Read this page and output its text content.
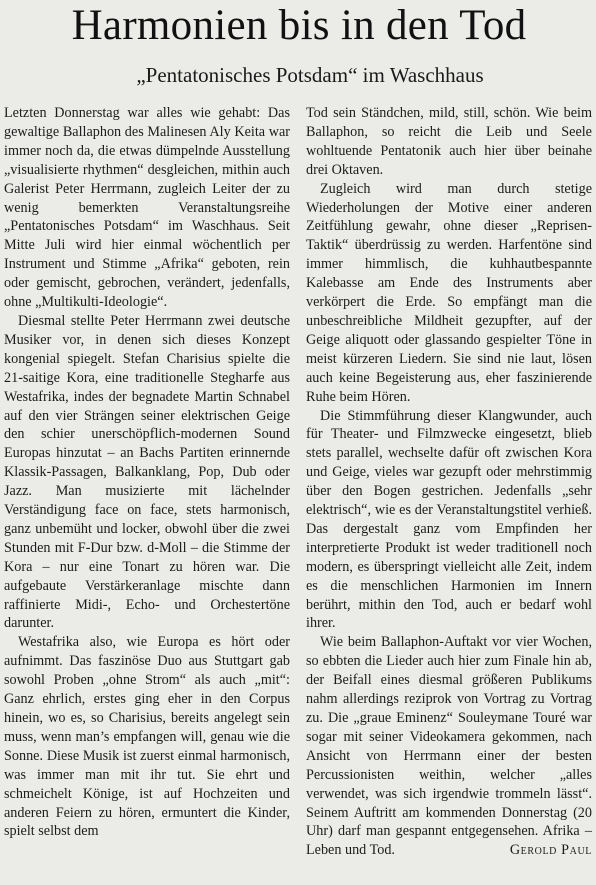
Harmonien bis in den Tod
„Pentatonisches Potsdam“ im Waschhaus

Letzten Donnerstag war alles wie gehabt: Das gewaltige Ballaphon des Malinesen Aly Keita war immer noch da, die etwas dümpelnde Ausstellung „visualisierte rhythmen“ desgleichen, mithin auch Galerist Peter Herrmann, zugleich Leiter der zu wenig bemerkten Veranstaltungsreihe „Pentatonisches Potsdam“ im Waschhaus. Seit Mitte Juli wird hier einmal wöchentlich per Instrument und Stimme „Afrika“ geboten, rein oder gemischt, gebrochen, verändert, jedenfalls, ohne „Multikulti-Ideologie“.

Diesmal stellte Peter Herrmann zwei deutsche Musiker vor, in denen sich dieses Konzept kongenial spiegelt. Stefan Charisius spielte die 21-saitige Kora, eine traditionelle Stegharfe aus Westafrika, indes der begnadete Martin Schnabel auf den vier Strängen seiner elektrischen Geige den schier unerschöpflich-modernen Sound Europas hinzutat – an Bachs Partiten erinnernde Klassik-Passagen, Balkanklang, Pop, Dub oder Jazz. Man musizierte mit lächelnder Verständigung face on face, stets harmonisch, ganz unbemüht und locker, obwohl über die zwei Stunden mit F-Dur bzw. d-Moll – die Stimme der Kora – nur eine Tonart zu hören war. Die aufgebaute Verstärkeranlage mischte dann raffinierte Midi-, Echo- und Orchestertöne darunter.

Westafrika also, wie Europa es hört oder aufnimmt. Das faszinöse Duo aus Stuttgart gab sowohl Proben „ohne Strom“ als auch „mit“: Ganz ehrlich, erstes ging eher in den Corpus hinein, wo es, so Charisius, bereits angelegt sein muss, wenn man’s empfangen will, genau wie die Sonne. Diese Musik ist zuerst einmal harmonisch, was immer man mit ihr tut. Sie ehrt und schmeichelt Könige, ist auf Hochzeiten und anderen Feiern zu hören, ermuntert die Kinder, spielt selbst dem

Tod sein Ständchen, mild, still, schön. Wie beim Ballaphon, so reicht die Leib und Seele wohltuende Pentatonik auch hier über beinahe drei Oktaven.

Zugleich wird man durch stetige Wiederholungen der Motive einer anderen Zeitfühlung gewahr, ohne dieser „Reprisen-Taktik“ überdrüssig zu werden. Harfentöne sind immer himmlisch, die kuhhautbespannte Kalebasse am Ende des Instruments aber verkörpert die Erde. So empfängt man die unbeschreibliche Mildheit gezupfter, auf der Geige aliquott oder glassando gespielter Töne in meist kürzeren Liedern. Sie sind nie laut, lösen auch keine Begeisterung aus, eher faszinierende Ruhe beim Hören.

Die Stimmführung dieser Klangwunder, auch für Theater- und Filmzwecke eingesetzt, blieb stets parallel, wechselte dafür oft zwischen Kora und Geige, vieles war gezupft oder mehrstimmig über den Bogen gestrichen. Jedenfalls „sehr elektrisch“, wie es der Veranstaltungstitel verhieß. Das dergestalt ganz vom Empfinden her interpretierte Produkt ist weder traditionell noch modern, es überspringt vielleicht alle Zeit, indem es die menschlichen Harmonien im Innern berührt, mithin den Tod, auch er bedarf wohl ihrer.

Wie beim Ballaphon-Auftakt vor vier Wochen, so ebbten die Lieder auch hier zum Finale hin ab, der Beifall eines diesmal größeren Publikums nahm allerdings reziprok von Vortrag zu Vortrag zu. Die „graue Eminenz“ Souleymane Touré war sogar mit seiner Videokamera gekommen, nach Ansicht von Herrmann einer der besten Percussionisten weithin, welcher „alles verwendet, was sich irgendwie trommeln lässt“. Seinem Auftritt am kommenden Donnerstag (20 Uhr) darf man gespannt entgegensehen. Afrika – Leben und Tod.	Gerold Paul
